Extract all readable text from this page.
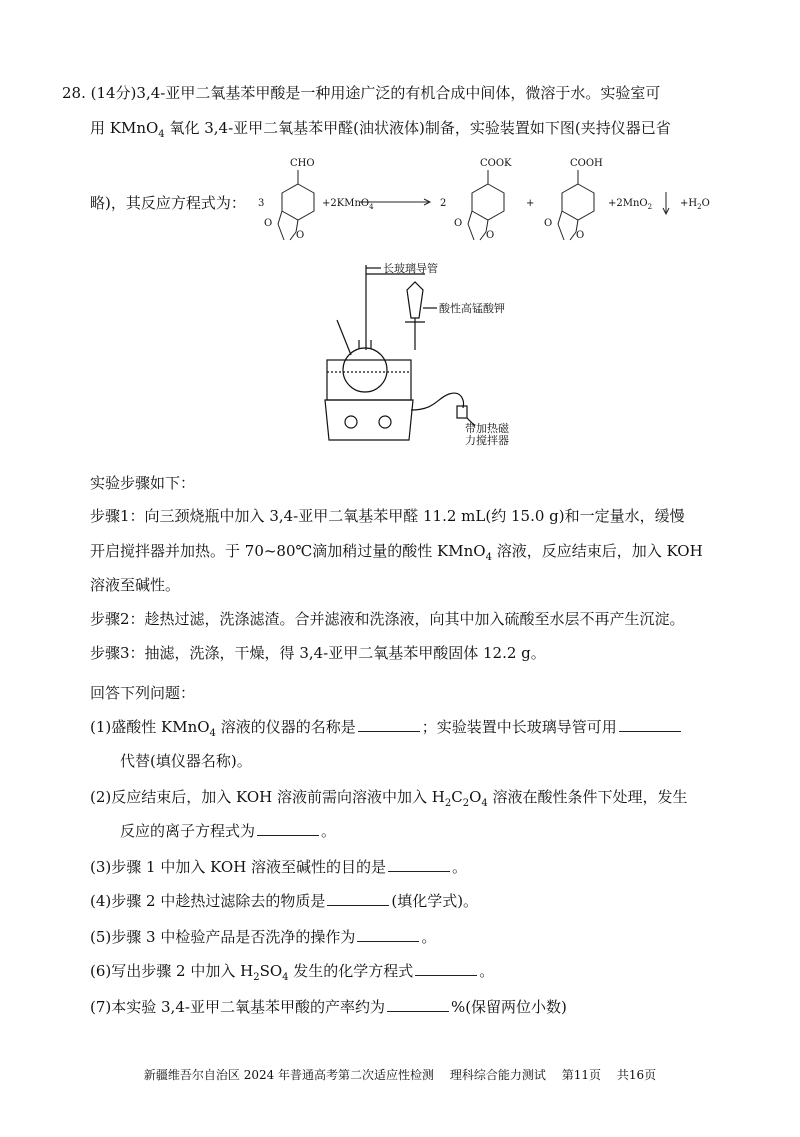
28. (14分)3,4-亚甲二氧基苯甲酸是一种用途广泛的有机合成中间体，微溶于水。实验室可
用 KMnO$_4$ 氧化 3,4-亚甲二氧基苯甲醛(油状液体)制备，实验装置如下图(夹持仪器已省
略)，其反应方程式为： 3
CHO
+2KMnO$_4$	2
COOK
+
COOH
+2MnO$_2$	$+H_2O$
O
O
O
O
O
O
长玻璃导管
酸性高锰酸钾
带加热磁
力搅拌器
实验步骤如下：
步骤1：向三颈烧瓶中加入 3,4-亚甲二氧基苯甲醛 11.2 mL(约 15.0 g)和一定量水，缓慢
开启搅拌器并加热。于 70~80℃滴加稍过量的酸性 KMnO$_4$ 溶液，反应结束后，加入 KOH
溶液至碱性。
步骤2：趁热过滤，洗涤滤渣。合并滤液和洗涤液，向其中加入硫酸至水层不再产生沉淀。
步骤3：抽滤，洗涤，干燥，得 3,4-亚甲二氧基苯甲酸固体 12.2 g。
回答下列问题：
(1)盛酸性 KMnO$_4$ 溶液的仪器的名称是	；实验装置中长玻璃导管可用
代替(填仪器名称)。
(2)反应结束后，加入 KOH 溶液前需向溶液中加入 $H_2C_2O_4$ 溶液在酸性条件下处理，发生
反应的离子方程式为	。
(3)步骤 1 中加入 KOH 溶液至碱性的目的是	。
(4)步骤 2 中趁热过滤除去的物质是	(填化学式)。
(5)步骤 3 中检验产品是否洗净的操作为	。
(6)写出步骤 2 中加入 $H_2SO_4$ 发生的化学方程式	。
(7)本实验 3,4-亚甲二氧基苯甲酸的产率约为	%(保留两位小数)
新疆维吾尔自治区 2024 年普通高考第二次适应性检测 理科综合能力测试 第11页 共16页
